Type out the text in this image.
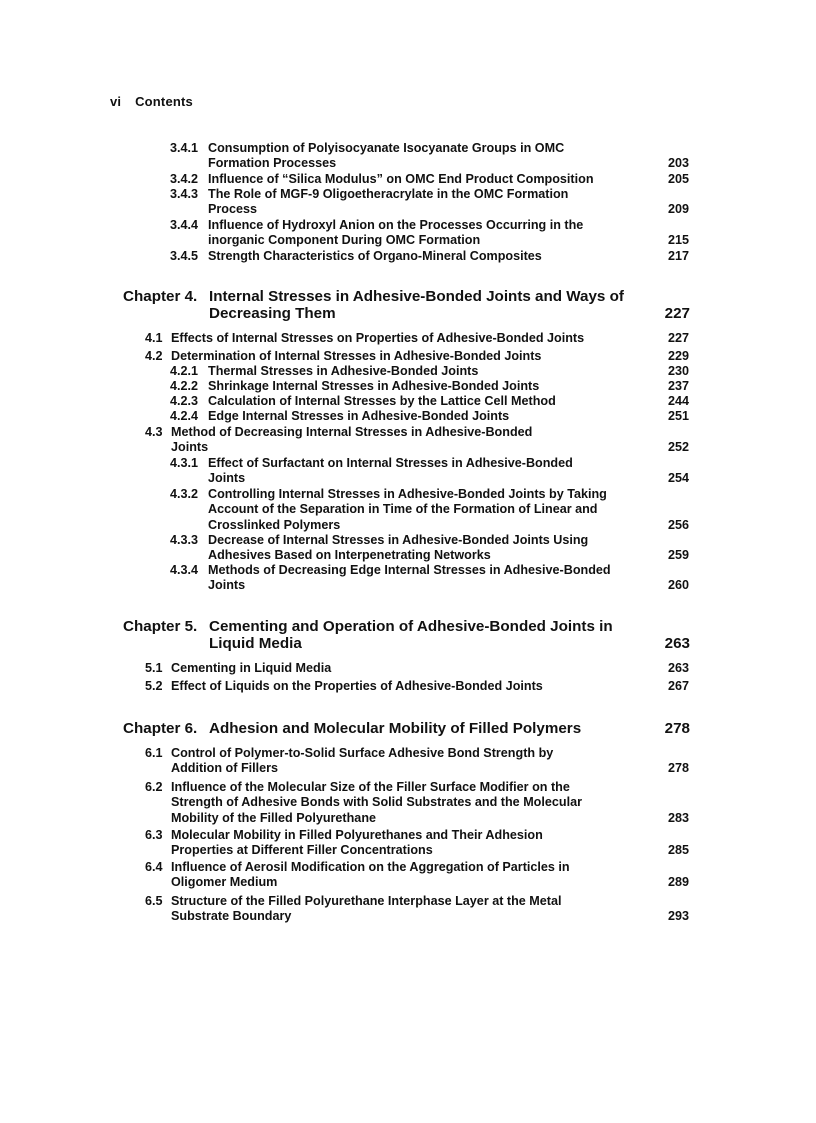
vi Contents
3.4.1 Consumption of Polyisocyanate Isocyanate Groups in OMC
Formation Processes	203
3.4.2 Influence of “Silica Modulus” on OMC End Product Composition	205
3.4.3 The Role of MGF-9 Oligoetheracrylate in the OMC Formation
Process	209
3.4.4 Influence of Hydroxyl Anion on the Processes Occurring in the
inorganic Component During OMC Formation	215
3.4.5 Strength Characteristics of Organo-Mineral Composites	217
Chapter 4. Internal Stresses in Adhesive-Bonded Joints and Ways of
Decreasing Them	227
4.1 Effects of Internal Stresses on Properties of Adhesive-Bonded Joints	227
4.2 Determination of Internal Stresses in Adhesive-Bonded Joints	229
4.2.1 Thermal Stresses in Adhesive-Bonded Joints	230
4.2.2 Shrinkage Internal Stresses in Adhesive-Bonded Joints	237
4.2.3 Calculation of Internal Stresses by the Lattice Cell Method	244
4.2.4 Edge Internal Stresses in Adhesive-Bonded Joints	251
4.3 Method of Decreasing Internal Stresses in Adhesive-Bonded
Joints	252
4.3.1 Effect of Surfactant on Internal Stresses in Adhesive-Bonded
Joints	254
4.3.2 Controlling Internal Stresses in Adhesive-Bonded Joints by Taking
Account of the Separation in Time of the Formation of Linear and
Crosslinked Polymers	256
4.3.3 Decrease of Internal Stresses in Adhesive-Bonded Joints Using
Adhesives Based on Interpenetrating Networks	259
4.3.4 Methods of Decreasing Edge Internal Stresses in Adhesive-Bonded
Joints	260
Chapter 5. Cementing and Operation of Adhesive-Bonded Joints in
Liquid Media	263
5.1 Cementing in Liquid Media	263
5.2 Effect of Liquids on the Properties of Adhesive-Bonded Joints	267
Chapter 6. Adhesion and Molecular Mobility of Filled Polymers	278
6.1 Control of Polymer-to-Solid Surface Adhesive Bond Strength by
Addition of Fillers	278
6.2 Influence of the Molecular Size of the Filler Surface Modifier on the
Strength of Adhesive Bonds with Solid Substrates and the Molecular
Mobility of the Filled Polyurethane	283
6.3 Molecular Mobility in Filled Polyurethanes and Their Adhesion
Properties at Different Filler Concentrations	285
6.4 Influence of Aerosil Modification on the Aggregation of Particles in
Oligomer Medium	289
6.5 Structure of the Filled Polyurethane Interphase Layer at the Metal
Substrate Boundary	293
